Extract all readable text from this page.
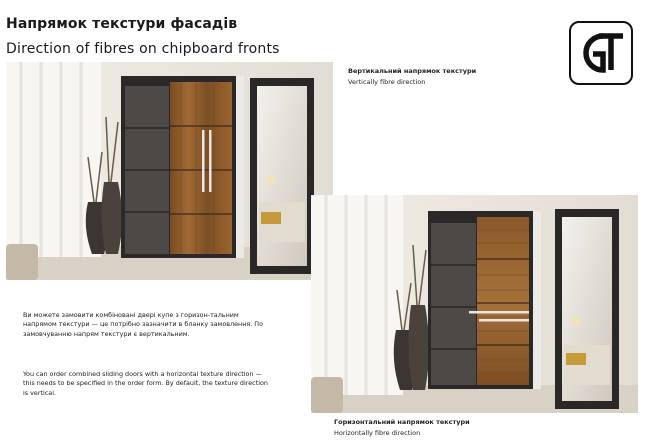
Напрямок текстури фасадів
Direction of fibres on chipboard fronts
Вертикальний напрямок текстури
Vertically fibre direction
Ви можете замовити комбіновані двері купе з горизон-тальним напрямом текстури — це потрібно зазначити в бланку замовлення. По замовчуванню напрям текстури є вертикальним.
You can order combined sliding doors with a horizontal texture direction — this needs to be specified in the order form. By default, the texture direction is vertical.
Горизонтальний напрямок текстури
Horizontally fibre direction
